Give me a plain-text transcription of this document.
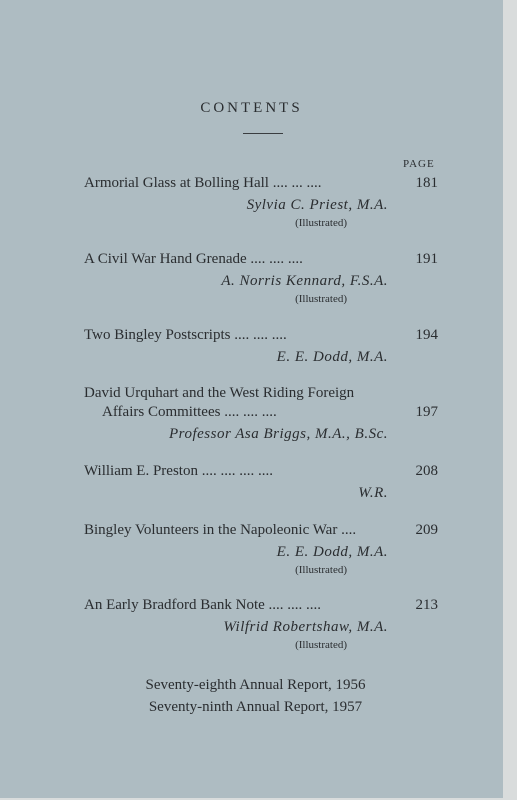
CONTENTS
PAGE
Armorial Glass at Bolling Hall .... ... ....	181
Sylvia C. Priest, M.A.
(Illustrated)
A Civil War Hand Grenade .... .... ....	191
A. Norris Kennard, F.S.A.
(Illustrated)
Two Bingley Postscripts .... .... ....	194
E. E. Dodd, M.A.
David Urquhart and the West Riding Foreign
Affairs Committees .... .... ....	197
Professor Asa Briggs, M.A., B.Sc.
William E. Preston .... .... .... ....	208
W.R.
Bingley Volunteers in the Napoleonic War ....	209
E. E. Dodd, M.A.
(Illustrated)
An Early Bradford Bank Note .... .... ....	213
Wilfrid Robertshaw, M.A.
(Illustrated)
Seventy-eighth Annual Report, 1956
Seventy-ninth Annual Report, 1957
